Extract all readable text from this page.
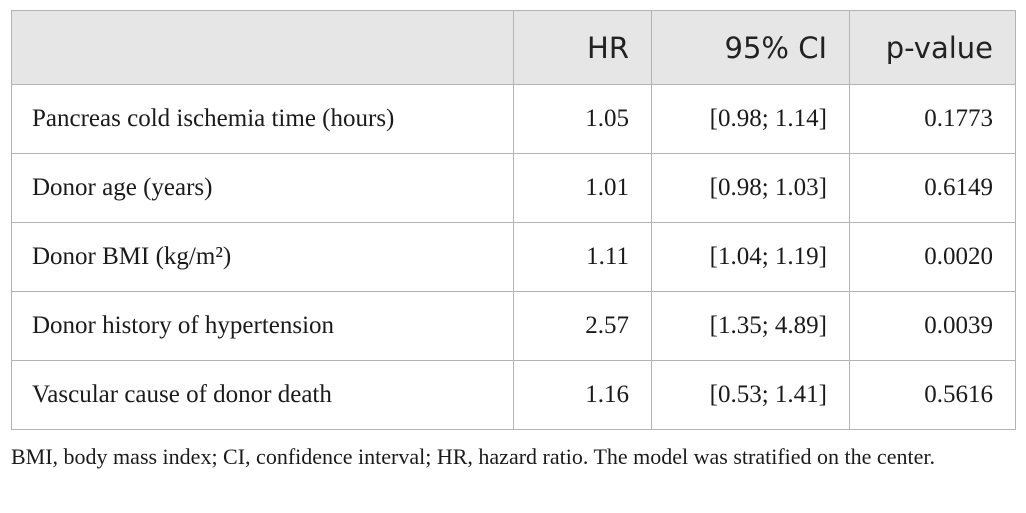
	HR	95% CI	p-value
Pancreas cold ischemia time (hours)	1.05	[0.98; 1.14]	0.1773
Donor age (years)	1.01	[0.98; 1.03]	0.6149
Donor BMI (kg/m²)	1.11	[1.04; 1.19]	0.0020
Donor history of hypertension	2.57	[1.35; 4.89]	0.0039
Vascular cause of donor death	1.16	[0.53; 1.41]	0.5616
BMI, body mass index; CI, confidence interval; HR, hazard ratio. The model was stratified on the center.
